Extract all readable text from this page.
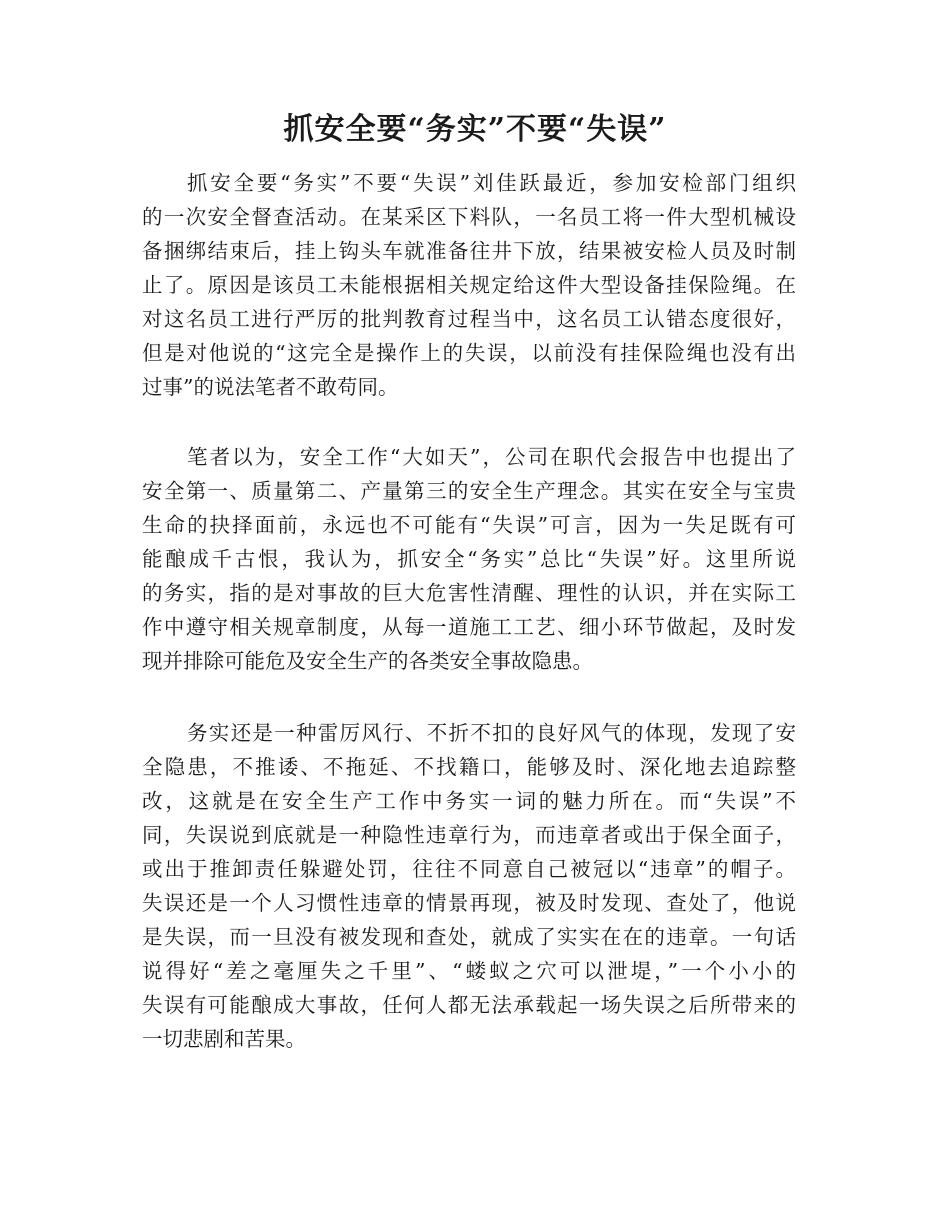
抓安全要“务实”不要“失误”
抓安全要“务实”不要“失误”刘佳跃最近，参加安检部门组织
的一次安全督查活动。在某采区下料队，一名员工将一件大型机械设
备捆绑结束后，挂上钩头车就准备往井下放，结果被安检人员及时制
止了。原因是该员工未能根据相关规定给这件大型设备挂保险绳。在
对这名员工进行严厉的批判教育过程当中，这名员工认错态度很好，
但是对他说的“这完全是操作上的失误，以前没有挂保险绳也没有出
过事”的说法笔者不敢苟同。
笔者以为，安全工作“大如天”，公司在职代会报告中也提出了
安全第一、质量第二、产量第三的安全生产理念。其实在安全与宝贵
生命的抉择面前，永远也不可能有“失误”可言，因为一失足既有可
能酿成千古恨，我认为，抓安全“务实”总比“失误”好。这里所说
的务实，指的是对事故的巨大危害性清醒、理性的认识，并在实际工
作中遵守相关规章制度，从每一道施工工艺、细小环节做起，及时发
现并排除可能危及安全生产的各类安全事故隐患。
务实还是一种雷厉风行、不折不扣的良好风气的体现，发现了安
全隐患，不推诿、不拖延、不找籍口，能够及时、深化地去追踪整
改，这就是在安全生产工作中务实一词的魅力所在。而“失误”不
同，失误说到底就是一种隐性违章行为，而违章者或出于保全面子，
或出于推卸责任躲避处罚，往往不同意自己被冠以“违章”的帽子。
失误还是一个人习惯性违章的情景再现，被及时发现、查处了，他说
是失误，而一旦没有被发现和查处，就成了实实在在的违章。一句话
说得好“差之毫厘失之千里”、“蝼蚁之穴可以泄堤，”一个小小的
失误有可能酿成大事故，任何人都无法承载起一场失误之后所带来的
一切悲剧和苦果。
